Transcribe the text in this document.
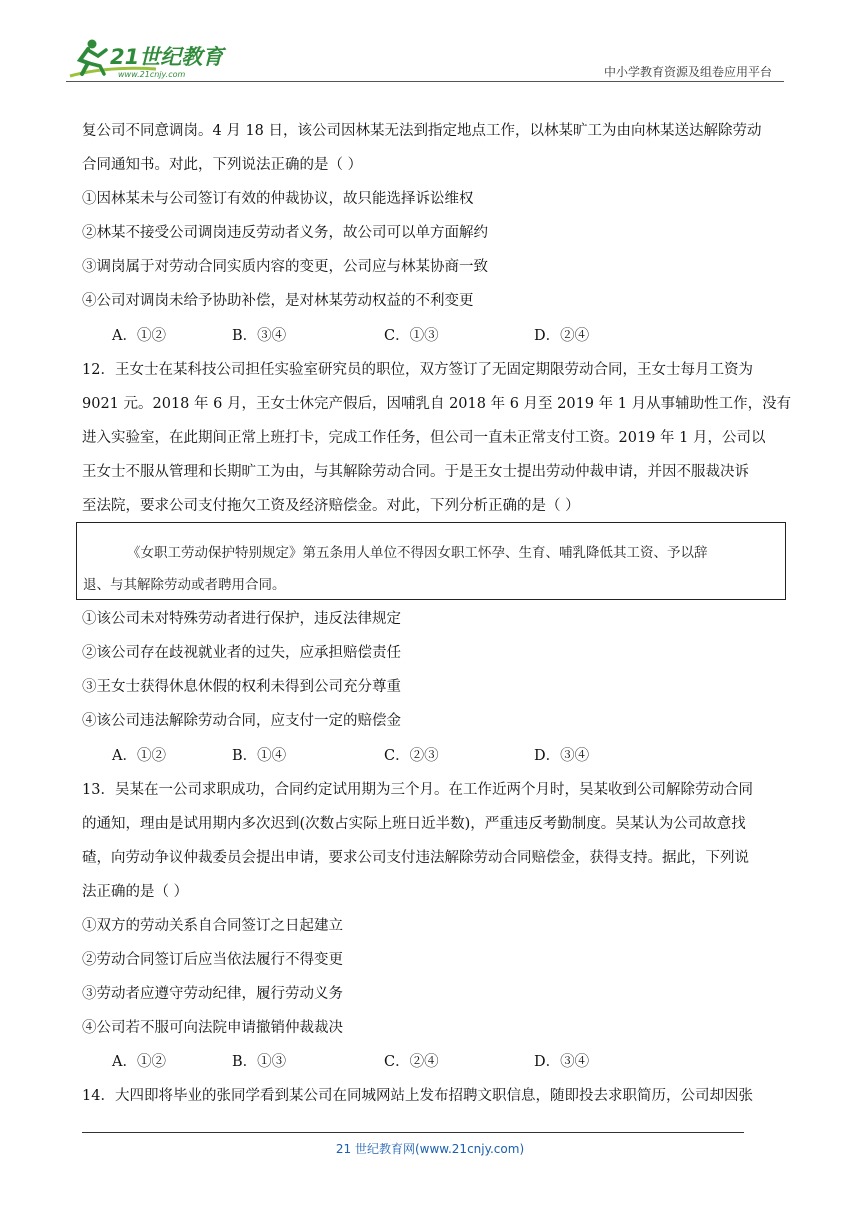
21世纪教育
www.21cnjy.com	中小学教育资源及组卷应用平台
复公司不同意调岗。4 月 18 日，该公司因林某无法到指定地点工作，以林某旷工为由向林某送达解除劳动
合同通知书。对此，下列说法正确的是（ ）
①因林某未与公司签订有效的仲裁协议，故只能选择诉讼维权
②林某不接受公司调岗违反劳动者义务，故公司可以单方面解约
③调岗属于对劳动合同实质内容的变更，公司应与林某协商一致
④公司对调岗未给予协助补偿，是对林某劳动权益的不利变更
A．①②	B．③④	C．①③	D．②④
12．王女士在某科技公司担任实验室研究员的职位，双方签订了无固定期限劳动合同，王女士每月工资为
9021 元。2018 年 6 月，王女士休完产假后，因哺乳自 2018 年 6 月至 2019 年 1 月从事辅助性工作，没有
进入实验室，在此期间正常上班打卡，完成工作任务，但公司一直未正常支付工资。2019 年 1 月，公司以
王女士不服从管理和长期旷工为由，与其解除劳动合同。于是王女士提出劳动仲裁申请，并因不服裁决诉
至法院，要求公司支付拖欠工资及经济赔偿金。对此，下列分析正确的是（ ）
《女职工劳动保护特别规定》第五条用人单位不得因女职工怀孕、生育、哺乳降低其工资、予以辞
退、与其解除劳动或者聘用合同。
①该公司未对特殊劳动者进行保护，违反法律规定
②该公司存在歧视就业者的过失，应承担赔偿责任
③王女士获得休息休假的权利未得到公司充分尊重
④该公司违法解除劳动合同，应支付一定的赔偿金
A．①②	B．①④	C．②③	D．③④
13．吴某在一公司求职成功，合同约定试用期为三个月。在工作近两个月时，吴某收到公司解除劳动合同
的通知，理由是试用期内多次迟到(次数占实际上班日近半数)，严重违反考勤制度。吴某认为公司故意找
碴，向劳动争议仲裁委员会提出申请，要求公司支付违法解除劳动合同赔偿金，获得支持。据此，下列说
法正确的是（ ）
①双方的劳动关系自合同签订之日起建立
②劳动合同签订后应当依法履行不得变更
③劳动者应遵守劳动纪律，履行劳动义务
④公司若不服可向法院申请撤销仲裁裁决
A．①②	B．①③	C．②④	D．③④
14．大四即将毕业的张同学看到某公司在同城网站上发布招聘文职信息，随即投去求职简历，公司却因张
21 世纪教育网(www.21cnjy.com)
